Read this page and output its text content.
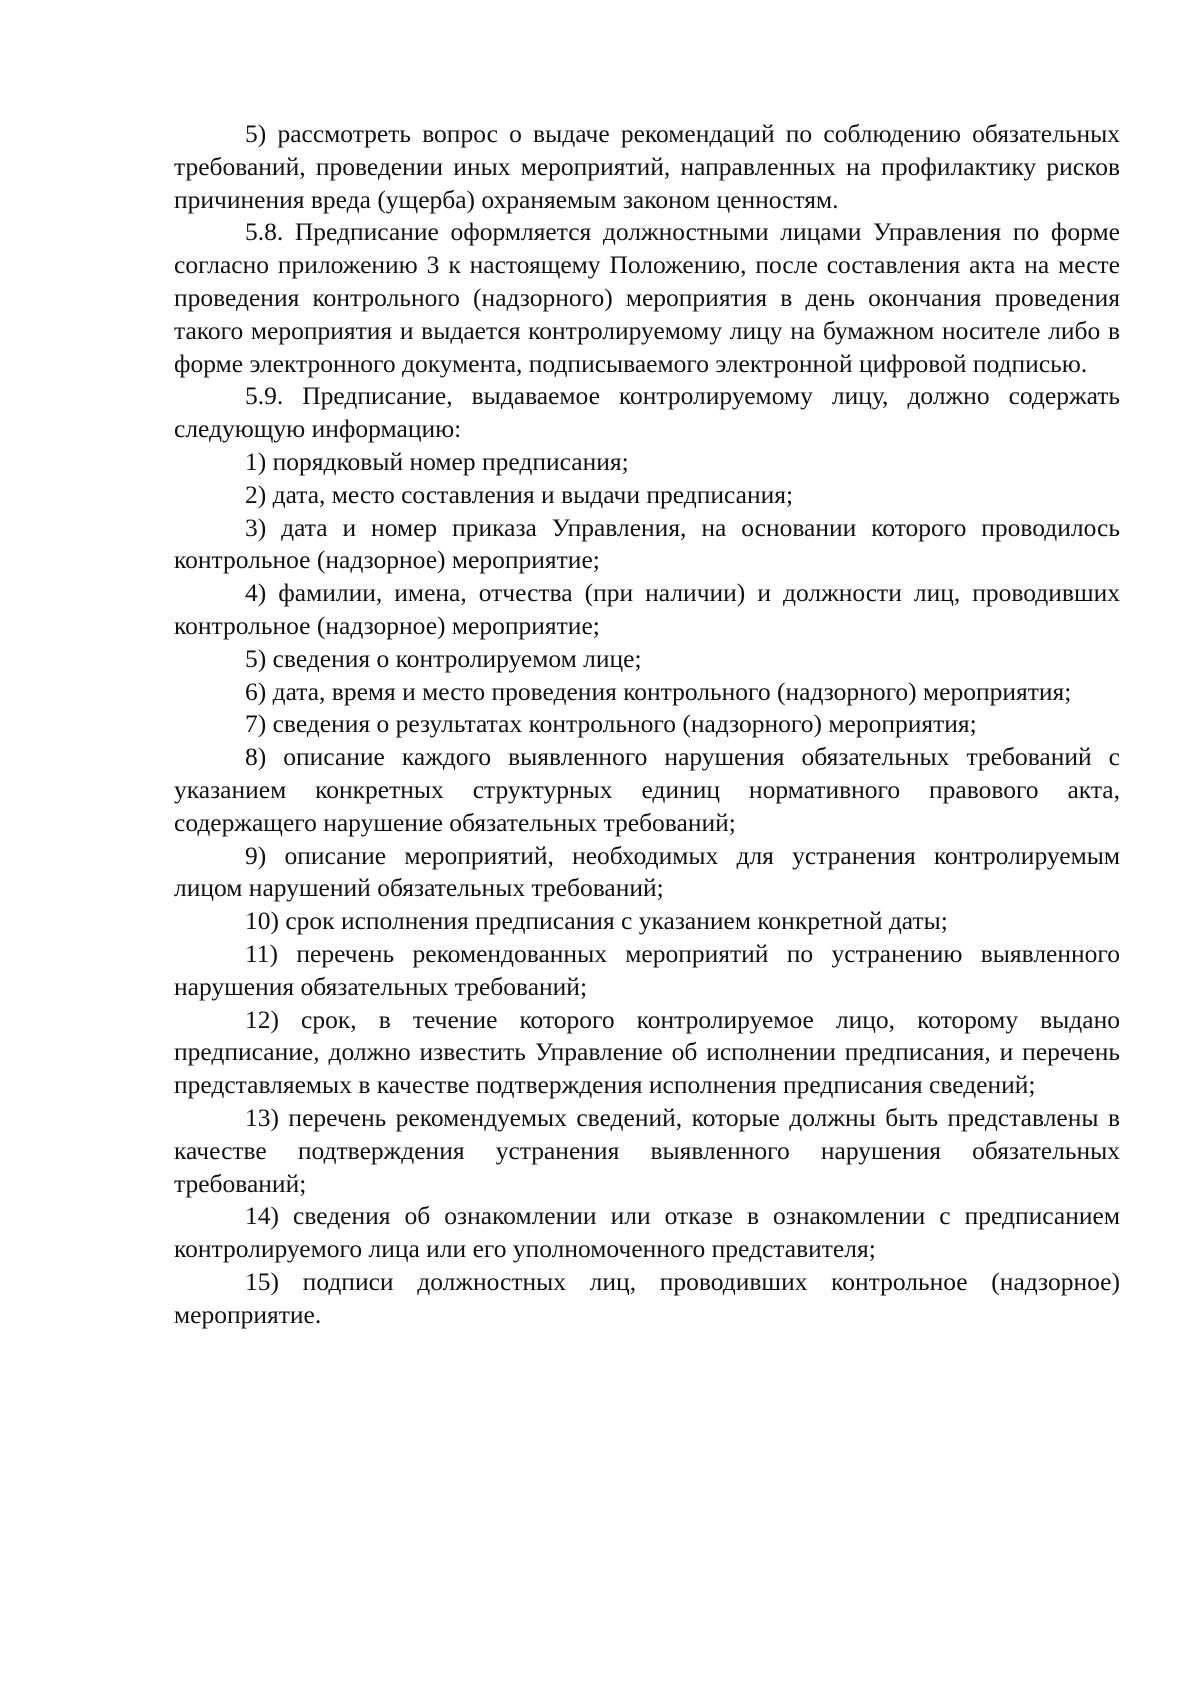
5) рассмотреть вопрос о выдаче рекомендаций по соблюдению обязательных требований, проведении иных мероприятий, направленных на профилактику рисков причинения вреда (ущерба) охраняемым законом ценностям.

5.8. Предписание оформляется должностными лицами Управления по форме согласно приложению 3 к настоящему Положению, после составления акта на месте проведения контрольного (надзорного) мероприятия в день окончания проведения такого мероприятия и выдается контролируемому лицу на бумажном носителе либо в форме электронного документа, подписываемого электронной цифровой подписью.

5.9. Предписание, выдаваемое контролируемому лицу, должно содержать следующую информацию:

1) порядковый номер предписания;

2) дата, место составления и выдачи предписания;

3) дата и номер приказа Управления, на основании которого проводилось контрольное (надзорное) мероприятие;

4) фамилии, имена, отчества (при наличии) и должности лиц, проводивших контрольное (надзорное) мероприятие;

5) сведения о контролируемом лице;

6) дата, время и место проведения контрольного (надзорного) мероприятия;

7) сведения о результатах контрольного (надзорного) мероприятия;

8) описание каждого выявленного нарушения обязательных требований с указанием конкретных структурных единиц нормативного правового акта, содержащего нарушение обязательных требований;

9) описание мероприятий, необходимых для устранения контролируемым лицом нарушений обязательных требований;

10) срок исполнения предписания с указанием конкретной даты;

11) перечень рекомендованных мероприятий по устранению выявленного нарушения обязательных требований;

12) срок, в течение которого контролируемое лицо, которому выдано предписание, должно известить Управление об исполнении предписания, и перечень представляемых в качестве подтверждения исполнения предписания сведений;

13) перечень рекомендуемых сведений, которые должны быть представлены в качестве подтверждения устранения выявленного нарушения обязательных требований;

14) сведения об ознакомлении или отказе в ознакомлении с предписанием контролируемого лица или его уполномоченного представителя;

15) подписи должностных лиц, проводивших контрольное (надзорное) мероприятие.
